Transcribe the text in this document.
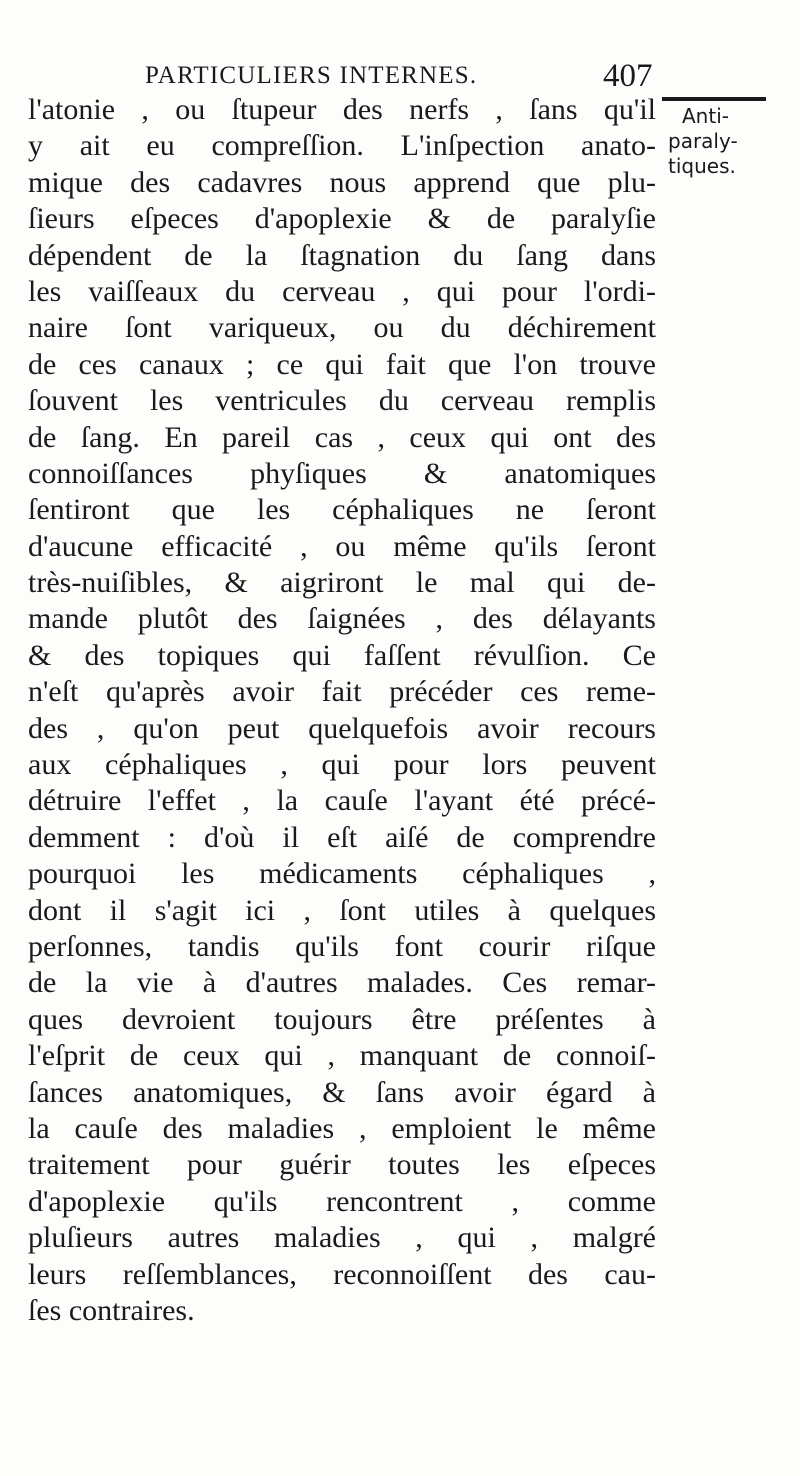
PARTICULIERS INTERNES.	407
Anti-
paraly-
tiques.
l'atonie , ou ſtupeur des nerfs , ſans qu'il
y ait eu compreſſion. L'inſpection anato-
mique des cadavres nous apprend que plu-
ſieurs eſpeces d'apoplexie & de paralyſie
dépendent de la ſtagnation du ſang dans
les vaiſſeaux du cerveau , qui pour l'ordi-
naire ſont variqueux, ou du déchirement
de ces canaux ; ce qui fait que l'on trouve
ſouvent les ventricules du cerveau remplis
de ſang. En pareil cas , ceux qui ont des
connoiſſances phyſiques & anatomiques
ſentiront que les céphaliques ne ſeront
d'aucune efficacité , ou même qu'ils ſeront
très-nuiſibles, & aigriront le mal qui de-
mande plutôt des ſaignées , des délayants
& des topiques qui faſſent révulſion. Ce
n'eſt qu'après avoir fait précéder ces reme-
des , qu'on peut quelquefois avoir recours
aux céphaliques , qui pour lors peuvent
détruire l'effet , la cauſe l'ayant été précé-
demment : d'où il eſt aiſé de comprendre
pourquoi les médicaments céphaliques ,
dont il s'agit ici , ſont utiles à quelques
perſonnes, tandis qu'ils font courir riſque
de la vie à d'autres malades. Ces remar-
ques devroient toujours être préſentes à
l'eſprit de ceux qui , manquant de connoiſ-
ſances anatomiques, & ſans avoir égard à
la cauſe des maladies , emploient le même
traitement pour guérir toutes les eſpeces
d'apoplexie qu'ils rencontrent , comme
pluſieurs autres maladies , qui , malgré
leurs reſſemblances, reconnoiſſent des cau-
ſes contraires.
